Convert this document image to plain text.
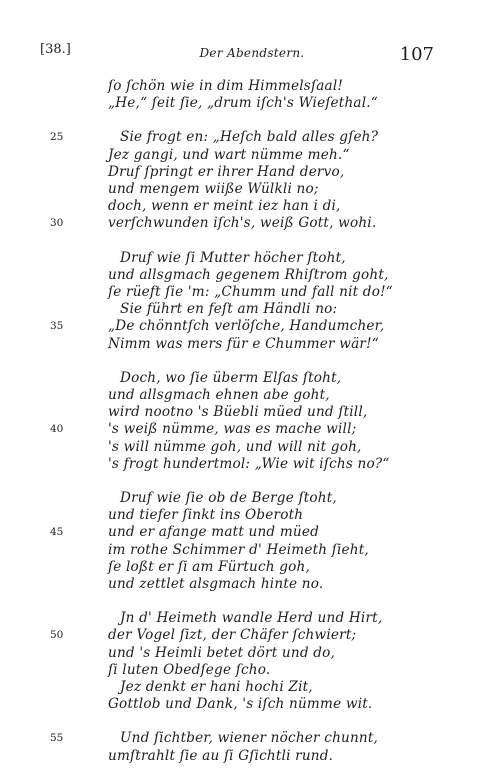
[38.]	Der Abendstern.	107
ſo ſchön wie in dim Himmelsſaal!
„He,“ ſeit ſie, „drum iſch's Wieſethal.“
Sie frogt en: „Heſch bald alles gſeh?
25
Jez gangi, und wart nümme meh.“
Druf ſpringt er ihrer Hand dervo,
und mengem wiiße Wülkli no;
doch, wenn er meint iez han i di,
verſchwunden iſch's, weiß Gott, wohi.
30
Druf wie ſi Mutter höcher ſtoht,
und allsgmach gegenem Rhiſtrom goht,
ſe rüeft ſie 'm: „Chumm und fall nit do!“
Sie führt en feſt am Händli no:
„De chönntſch verlöſche, Handumcher,
35
Nimm was mers für e Chummer wär!“
Doch, wo ſie überm Elſas ſtoht,
und allsgmach ehnen abe goht,
wird nootno 's Büebli müed und ſtill,
's weiß nümme, was es mache will;
40
's will nümme goh, und will nit goh,
's frogt hundertmol: „Wie wit iſchs no?“
Druf wie ſie ob de Berge ſtoht,
und tiefer ſinkt ins Oberoth
und er afange matt und müed
45
im rothe Schimmer d' Heimeth ſieht,
ſe loßt er ſi am Fürtuch goh,
und zettlet alsgmach hinte no.
Jn d' Heimeth wandle Herd und Hirt,
der Vogel ſizt, der Chäfer ſchwiert;
50
und 's Heimli betet dört und do,
ſi luten Obedſege ſcho.
Jez denkt er hani hochi Zit,
Gottlob und Dank, 's iſch nümme wit.
Und ſichtber, wiener nöcher chunnt,
55
umſtrahlt ſie au ſi Gſichtli rund.
